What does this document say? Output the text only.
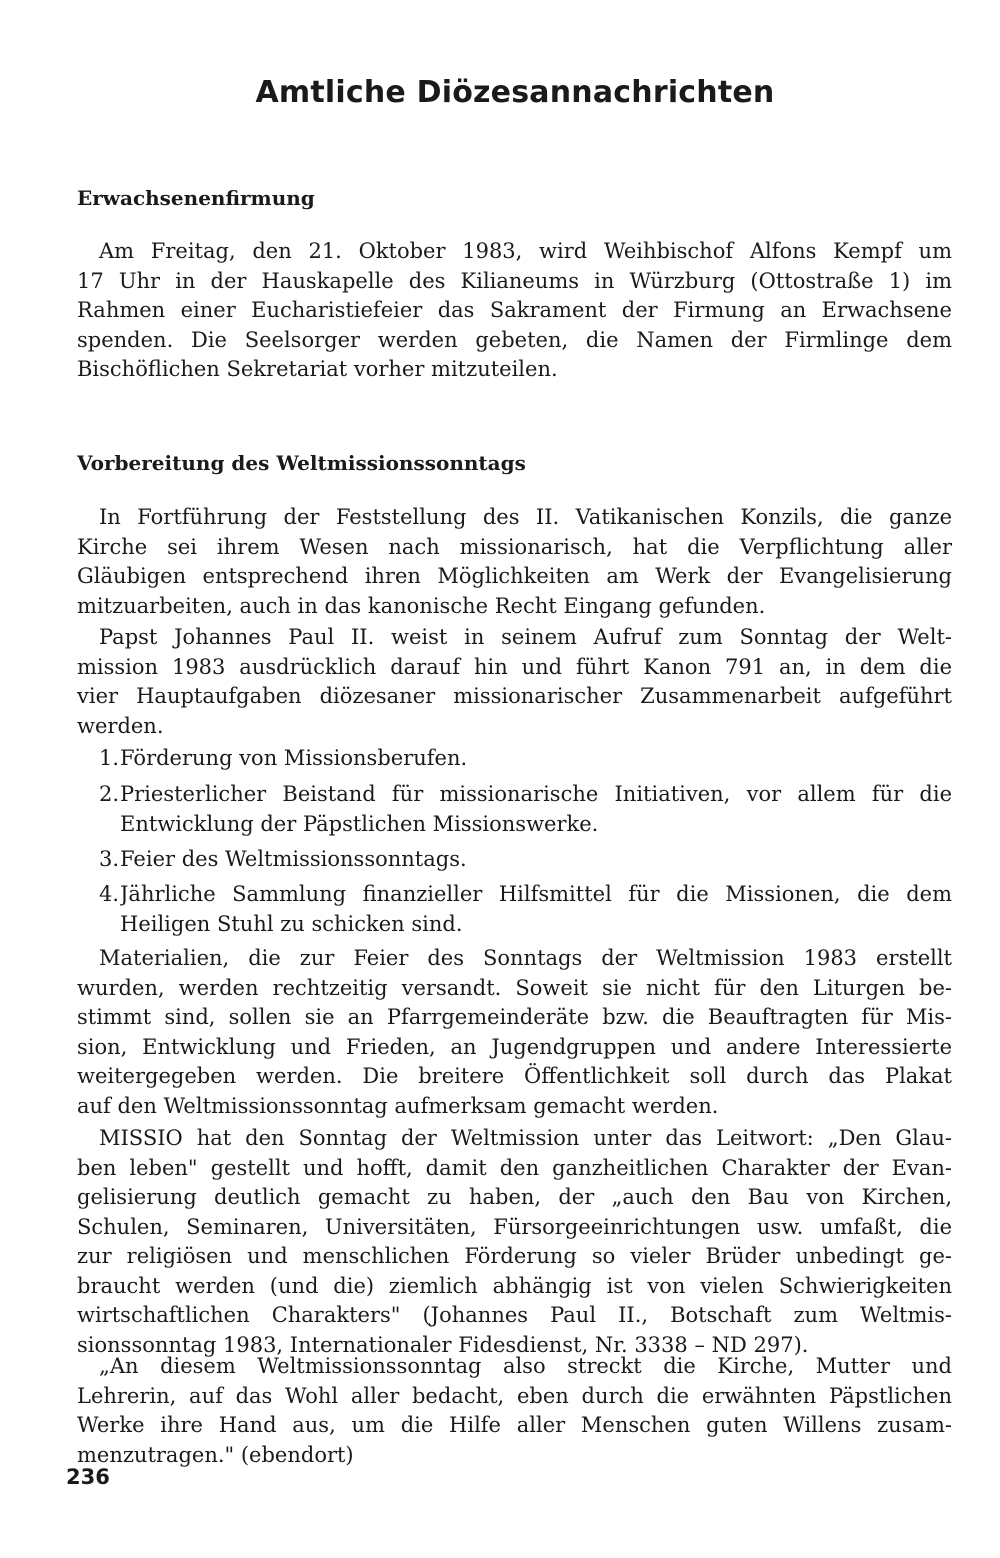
Amtliche Diözesannachrichten
Erwachsenenfirmung
Am Freitag, den 21. Oktober 1983, wird Weihbischof Alfons Kempf um
17 Uhr in der Hauskapelle des Kilianeums in Würzburg (Ottostraße 1) im
Rahmen einer Eucharistiefeier das Sakrament der Firmung an Erwachsene
spenden. Die Seelsorger werden gebeten, die Namen der Firmlinge dem
Bischöflichen Sekretariat vorher mitzuteilen.
Vorbereitung des Weltmissionssonntags
In Fortführung der Feststellung des II. Vatikanischen Konzils, die ganze
Kirche sei ihrem Wesen nach missionarisch, hat die Verpflichtung aller
Gläubigen entsprechend ihren Möglichkeiten am Werk der Evangelisierung
mitzuarbeiten, auch in das kanonische Recht Eingang gefunden.
Papst Johannes Paul II. weist in seinem Aufruf zum Sonntag der Welt-
mission 1983 ausdrücklich darauf hin und führt Kanon 791 an, in dem die
vier Hauptaufgaben diözesaner missionarischer Zusammenarbeit aufgeführt
werden.
1. Förderung von Missionsberufen.
2. Priesterlicher Beistand für missionarische Initiativen, vor allem für die
Entwicklung der Päpstlichen Missionswerke.
3. Feier des Weltmissionssonntags.
4. Jährliche Sammlung finanzieller Hilfsmittel für die Missionen, die dem
Heiligen Stuhl zu schicken sind.
Materialien, die zur Feier des Sonntags der Weltmission 1983 erstellt
wurden, werden rechtzeitig versandt. Soweit sie nicht für den Liturgen be-
stimmt sind, sollen sie an Pfarrgemeinderäte bzw. die Beauftragten für Mis-
sion, Entwicklung und Frieden, an Jugendgruppen und andere Interessierte
weitergegeben werden. Die breitere Öffentlichkeit soll durch das Plakat
auf den Weltmissionssonntag aufmerksam gemacht werden.
MISSIO hat den Sonntag der Weltmission unter das Leitwort: „Den Glau-
ben leben" gestellt und hofft, damit den ganzheitlichen Charakter der Evan-
gelisierung deutlich gemacht zu haben, der „auch den Bau von Kirchen,
Schulen, Seminaren, Universitäten, Fürsorgeeinrichtungen usw. umfaßt, die
zur religiösen und menschlichen Förderung so vieler Brüder unbedingt ge-
braucht werden (und die) ziemlich abhängig ist von vielen Schwierigkeiten
wirtschaftlichen Charakters" (Johannes Paul II., Botschaft zum Weltmis-
sionssonntag 1983, Internationaler Fidesdienst, Nr. 3338 – ND 297).
„An diesem Weltmissionssonntag also streckt die Kirche, Mutter und
Lehrerin, auf das Wohl aller bedacht, eben durch die erwähnten Päpstlichen
Werke ihre Hand aus, um die Hilfe aller Menschen guten Willens zusam-
menzutragen." (ebendort)
236
